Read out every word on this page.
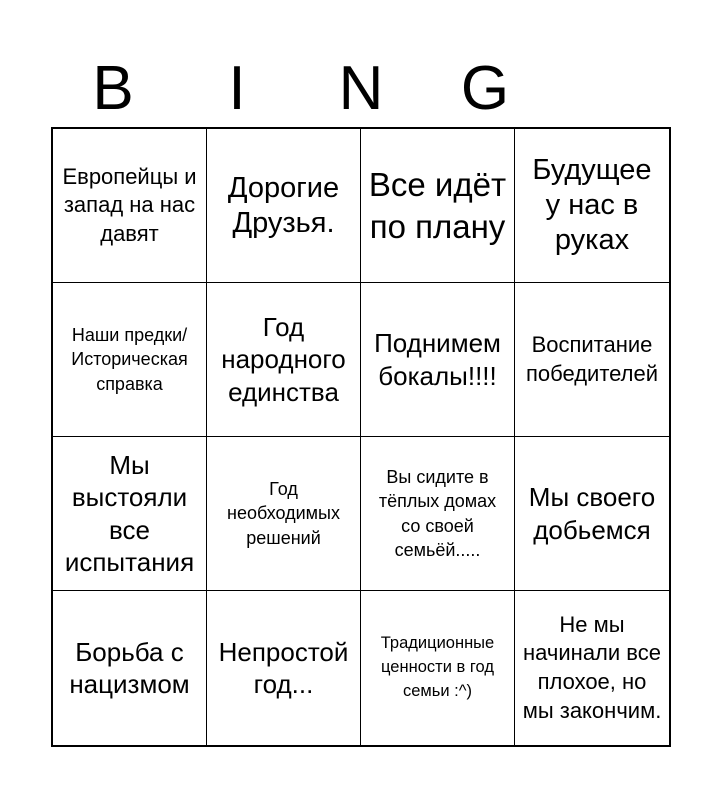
B	I	N	G
Европейцы и запад на нас давят
Дорогие Друзья.
Все идёт по плану
Будущее у нас в руках
Наши предки/ Историческая справка
Год народного единства
Поднимем бокалы!!!!
Воспитание победителей
Мы выстояли все испытания
Год необходимых решений
Вы сидите в тёплых домах со своей семьёй.....
Мы своего добьемся
Борьба с нацизмом
Непростой год...
Традиционные ценности в год семьи :^)
Не мы начинали все плохое, но мы закончим.
